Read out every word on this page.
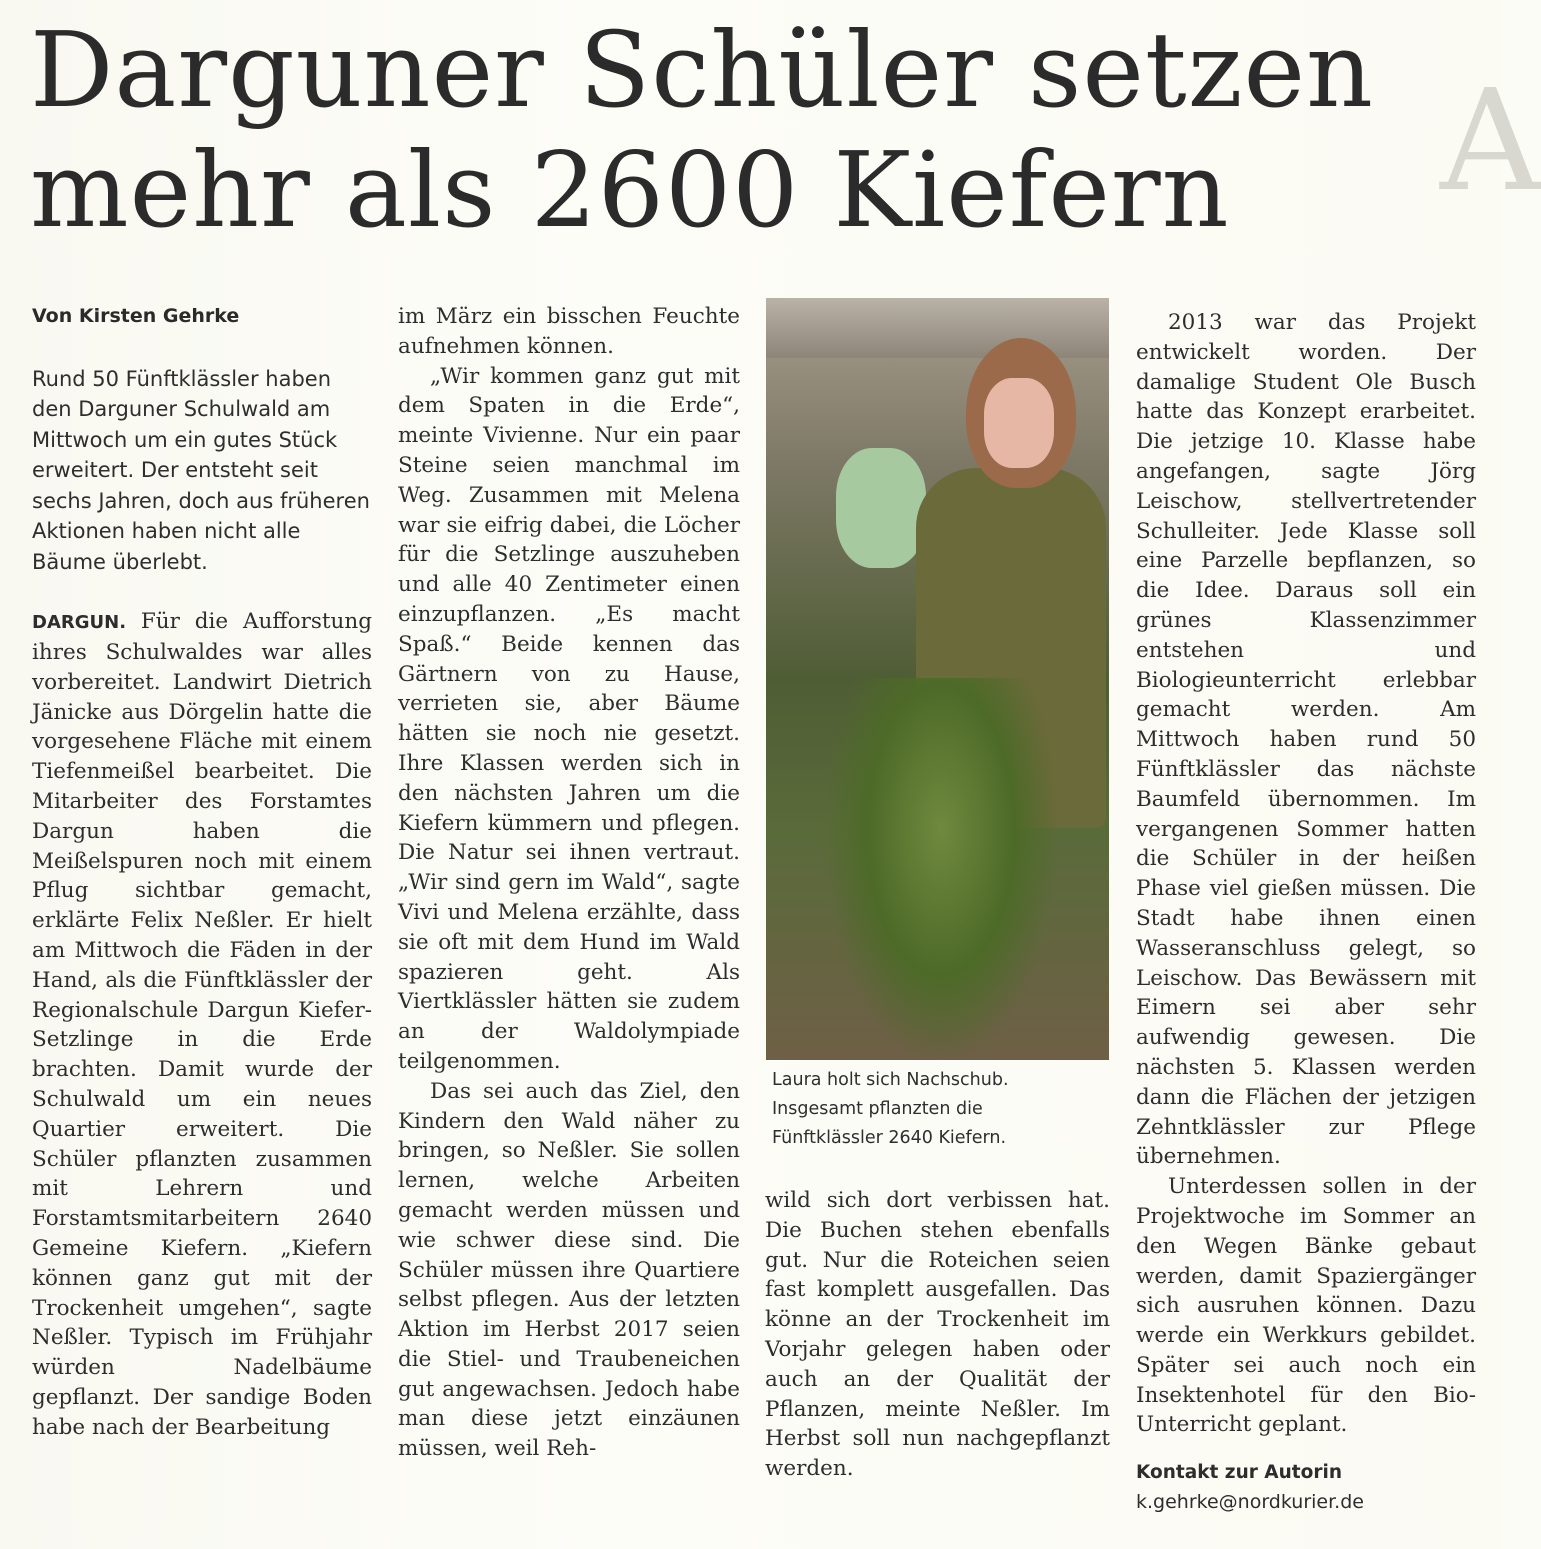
A
Darguner Schüler setzen
mehr als 2600 Kiefern

Von Kirsten Gehrke

Rund 50 Fünftklässler haben den Darguner Schulwald am Mittwoch um ein gutes Stück erweitert. Der entsteht seit sechs Jahren, doch aus früheren Aktionen haben nicht alle Bäume überlebt.

DARGUN. Für die Aufforstung ihres Schulwaldes war alles vorbereitet. Landwirt Dietrich Jänicke aus Dörgelin hatte die vorgesehene Fläche mit einem Tiefenmeißel bearbeitet. Die Mitarbeiter des Forstamtes Dargun haben die Meißelspuren noch mit einem Pflug sichtbar gemacht, erklärte Felix Neßler. Er hielt am Mittwoch die Fäden in der Hand, als die Fünftklässler der Regionalschule Dargun Kiefer-Setzlinge in die Erde brachten. Damit wurde der Schulwald um ein neues Quartier erweitert. Die Schüler pflanzten zusammen mit Lehrern und Forstamtsmitarbeitern 2640 Gemeine Kiefern. „Kiefern können ganz gut mit der Trockenheit umgehen“, sagte Neßler. Typisch im Frühjahr würden Nadelbäume gepflanzt. Der sandige Boden habe nach der Bearbeitung

im März ein bisschen Feuchte aufnehmen können.

„Wir kommen ganz gut mit dem Spaten in die Erde“, meinte Vivienne. Nur ein paar Steine seien manchmal im Weg. Zusammen mit Melena war sie eifrig dabei, die Löcher für die Setzlinge auszuheben und alle 40 Zentimeter einen einzupflanzen. „Es macht Spaß.“ Beide kennen das Gärtnern von zu Hause, verrieten sie, aber Bäume hätten sie noch nie gesetzt. Ihre Klassen werden sich in den nächsten Jahren um die Kiefern kümmern und pflegen. Die Natur sei ihnen vertraut. „Wir sind gern im Wald“, sagte Vivi und Melena erzählte, dass sie oft mit dem Hund im Wald spazieren geht. Als Viertklässler hätten sie zudem an der Waldolympiade teilgenommen.

Das sei auch das Ziel, den Kindern den Wald näher zu bringen, so Neßler. Sie sollen lernen, welche Arbeiten gemacht werden müssen und wie schwer diese sind. Die Schüler müssen ihre Quartiere selbst pflegen. Aus der letzten Aktion im Herbst 2017 seien die Stiel- und Traubeneichen gut angewachsen. Jedoch habe man diese jetzt einzäunen müssen, weil Reh-

Laura holt sich Nachschub.
Insgesamt pflanzten die
Fünftklässler 2640 Kiefern.

wild sich dort verbissen hat. Die Buchen stehen ebenfalls gut. Nur die Roteichen seien fast komplett ausgefallen. Das könne an der Trockenheit im Vorjahr gelegen haben oder auch an der Qualität der Pflanzen, meinte Neßler. Im Herbst soll nun nachgepflanzt werden.

2013 war das Projekt entwickelt worden. Der damalige Student Ole Busch hatte das Konzept erarbeitet. Die jetzige 10. Klasse habe angefangen, sagte Jörg Leischow, stellvertretender Schulleiter. Jede Klasse soll eine Parzelle bepflanzen, so die Idee. Daraus soll ein grünes Klassenzimmer entstehen und Biologieunterricht erlebbar gemacht werden. Am Mittwoch haben rund 50 Fünftklässler das nächste Baumfeld übernommen. Im vergangenen Sommer hatten die Schüler in der heißen Phase viel gießen müssen. Die Stadt habe ihnen einen Wasseranschluss gelegt, so Leischow. Das Bewässern mit Eimern sei aber sehr aufwendig gewesen. Die nächsten 5. Klassen werden dann die Flächen der jetzigen Zehntklässler zur Pflege übernehmen.

Unterdessen sollen in der Projektwoche im Sommer an den Wegen Bänke gebaut werden, damit Spaziergänger sich ausruhen können. Dazu werde ein Werkkurs gebildet. Später sei auch noch ein Insektenhotel für den Bio-Unterricht geplant.

Kontakt zur Autorin
k.gehrke@nordkurier.de
